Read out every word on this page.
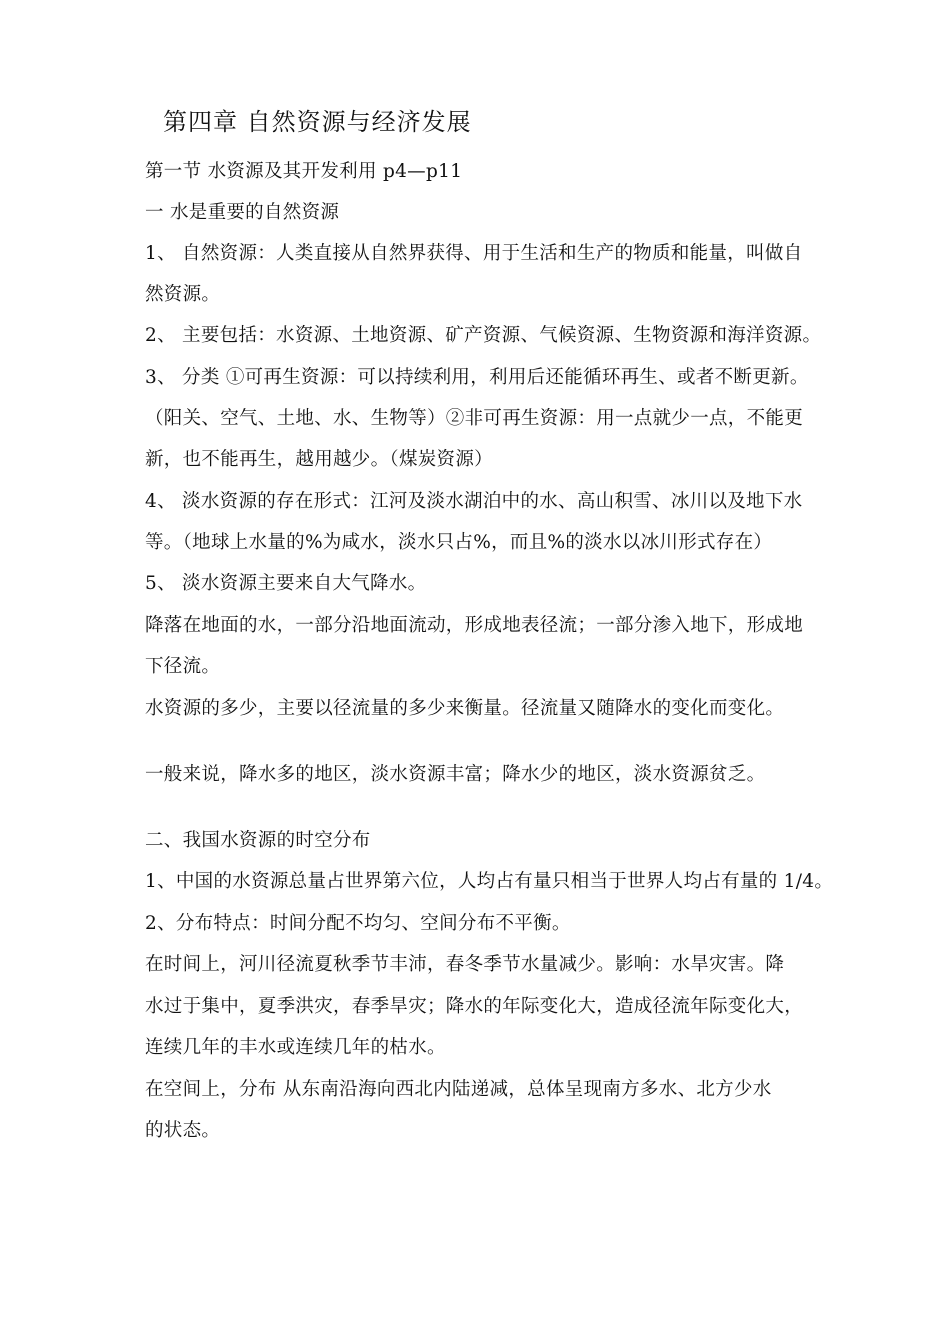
第四章 自然资源与经济发展
第一节 水资源及其开发利用 p4—p11
一 水是重要的自然资源
1、 自然资源：人类直接从自然界获得、用于生活和生产的物质和能量，叫做自
然资源。
2、 主要包括：水资源、土地资源、矿产资源、气候资源、生物资源和海洋资源。
3、 分类 ①可再生资源：可以持续利用，利用后还能循环再生、或者不断更新。
（阳关、空气、土地、水、生物等）②非可再生资源：用一点就少一点，不能更
新，也不能再生，越用越少。（煤炭资源）
4、 淡水资源的存在形式：江河及淡水湖泊中的水、高山积雪、冰川以及地下水
等。（地球上水量的%为咸水，淡水只占%，而且%的淡水以冰川形式存在）
5、 淡水资源主要来自大气降水。
降落在地面的水，一部分沿地面流动，形成地表径流；一部分渗入地下，形成地
下径流。
水资源的多少，主要以径流量的多少来衡量。径流量又随降水的变化而变化。
一般来说，降水多的地区，淡水资源丰富；降水少的地区，淡水资源贫乏。
二、我国水资源的时空分布
1、中国的水资源总量占世界第六位，人均占有量只相当于世界人均占有量的 1/4。
2、分布特点：时间分配不均匀、空间分布不平衡。
在时间上，河川径流夏秋季节丰沛，春冬季节水量减少。影响：水旱灾害。降
水过于集中，夏季洪灾，春季旱灾；降水的年际变化大，造成径流年际变化大，
连续几年的丰水或连续几年的枯水。
在空间上，分布 从东南沿海向西北内陆递减，总体呈现南方多水、北方少水
的状态。
